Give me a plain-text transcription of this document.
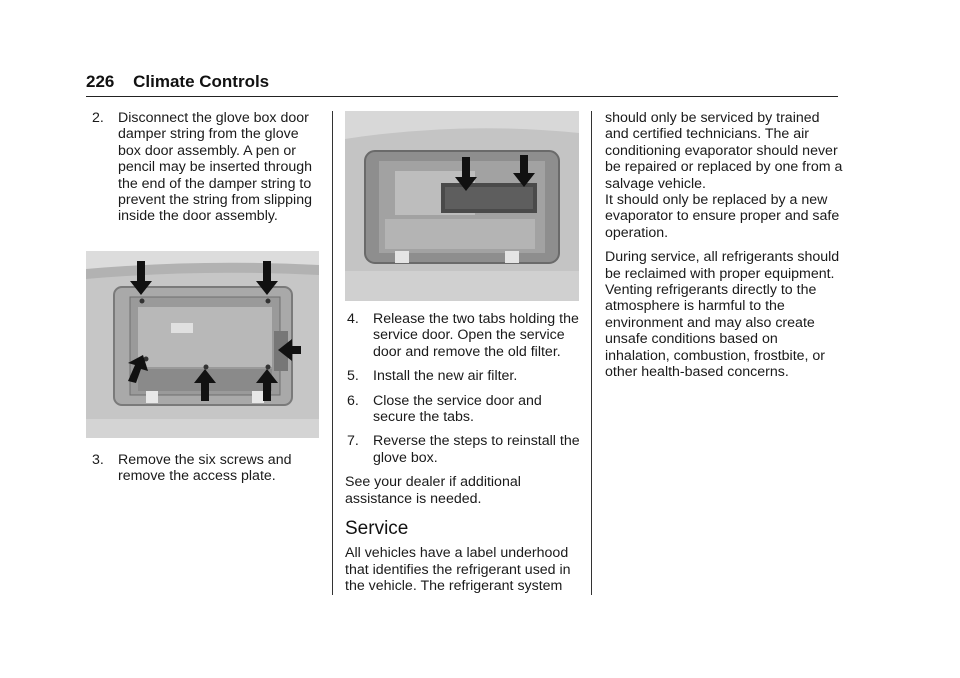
226 Climate Controls
2. Disconnect the glove box door damper string from the glove box door assembly. A pen or pencil may be inserted through the end of the damper string to prevent the string from slipping inside the door assembly.
3. Remove the six screws and remove the access plate.
4. Release the two tabs holding the service door. Open the service door and remove the old filter.
5. Install the new air filter.
6. Close the service door and secure the tabs.
7. Reverse the steps to reinstall the glove box.

See your dealer if additional assistance is needed.

Service

All vehicles have a label underhood that identifies the refrigerant used in the vehicle. The refrigerant system

should only be serviced by trained and certified technicians. The air conditioning evaporator should never be repaired or replaced by one from a salvage vehicle.

It should only be replaced by a new evaporator to ensure proper and safe operation.

During service, all refrigerants should be reclaimed with proper equipment. Venting refrigerants directly to the atmosphere is harmful to the environment and may also create unsafe conditions based on inhalation, combustion, frostbite, or other health-based concerns.
